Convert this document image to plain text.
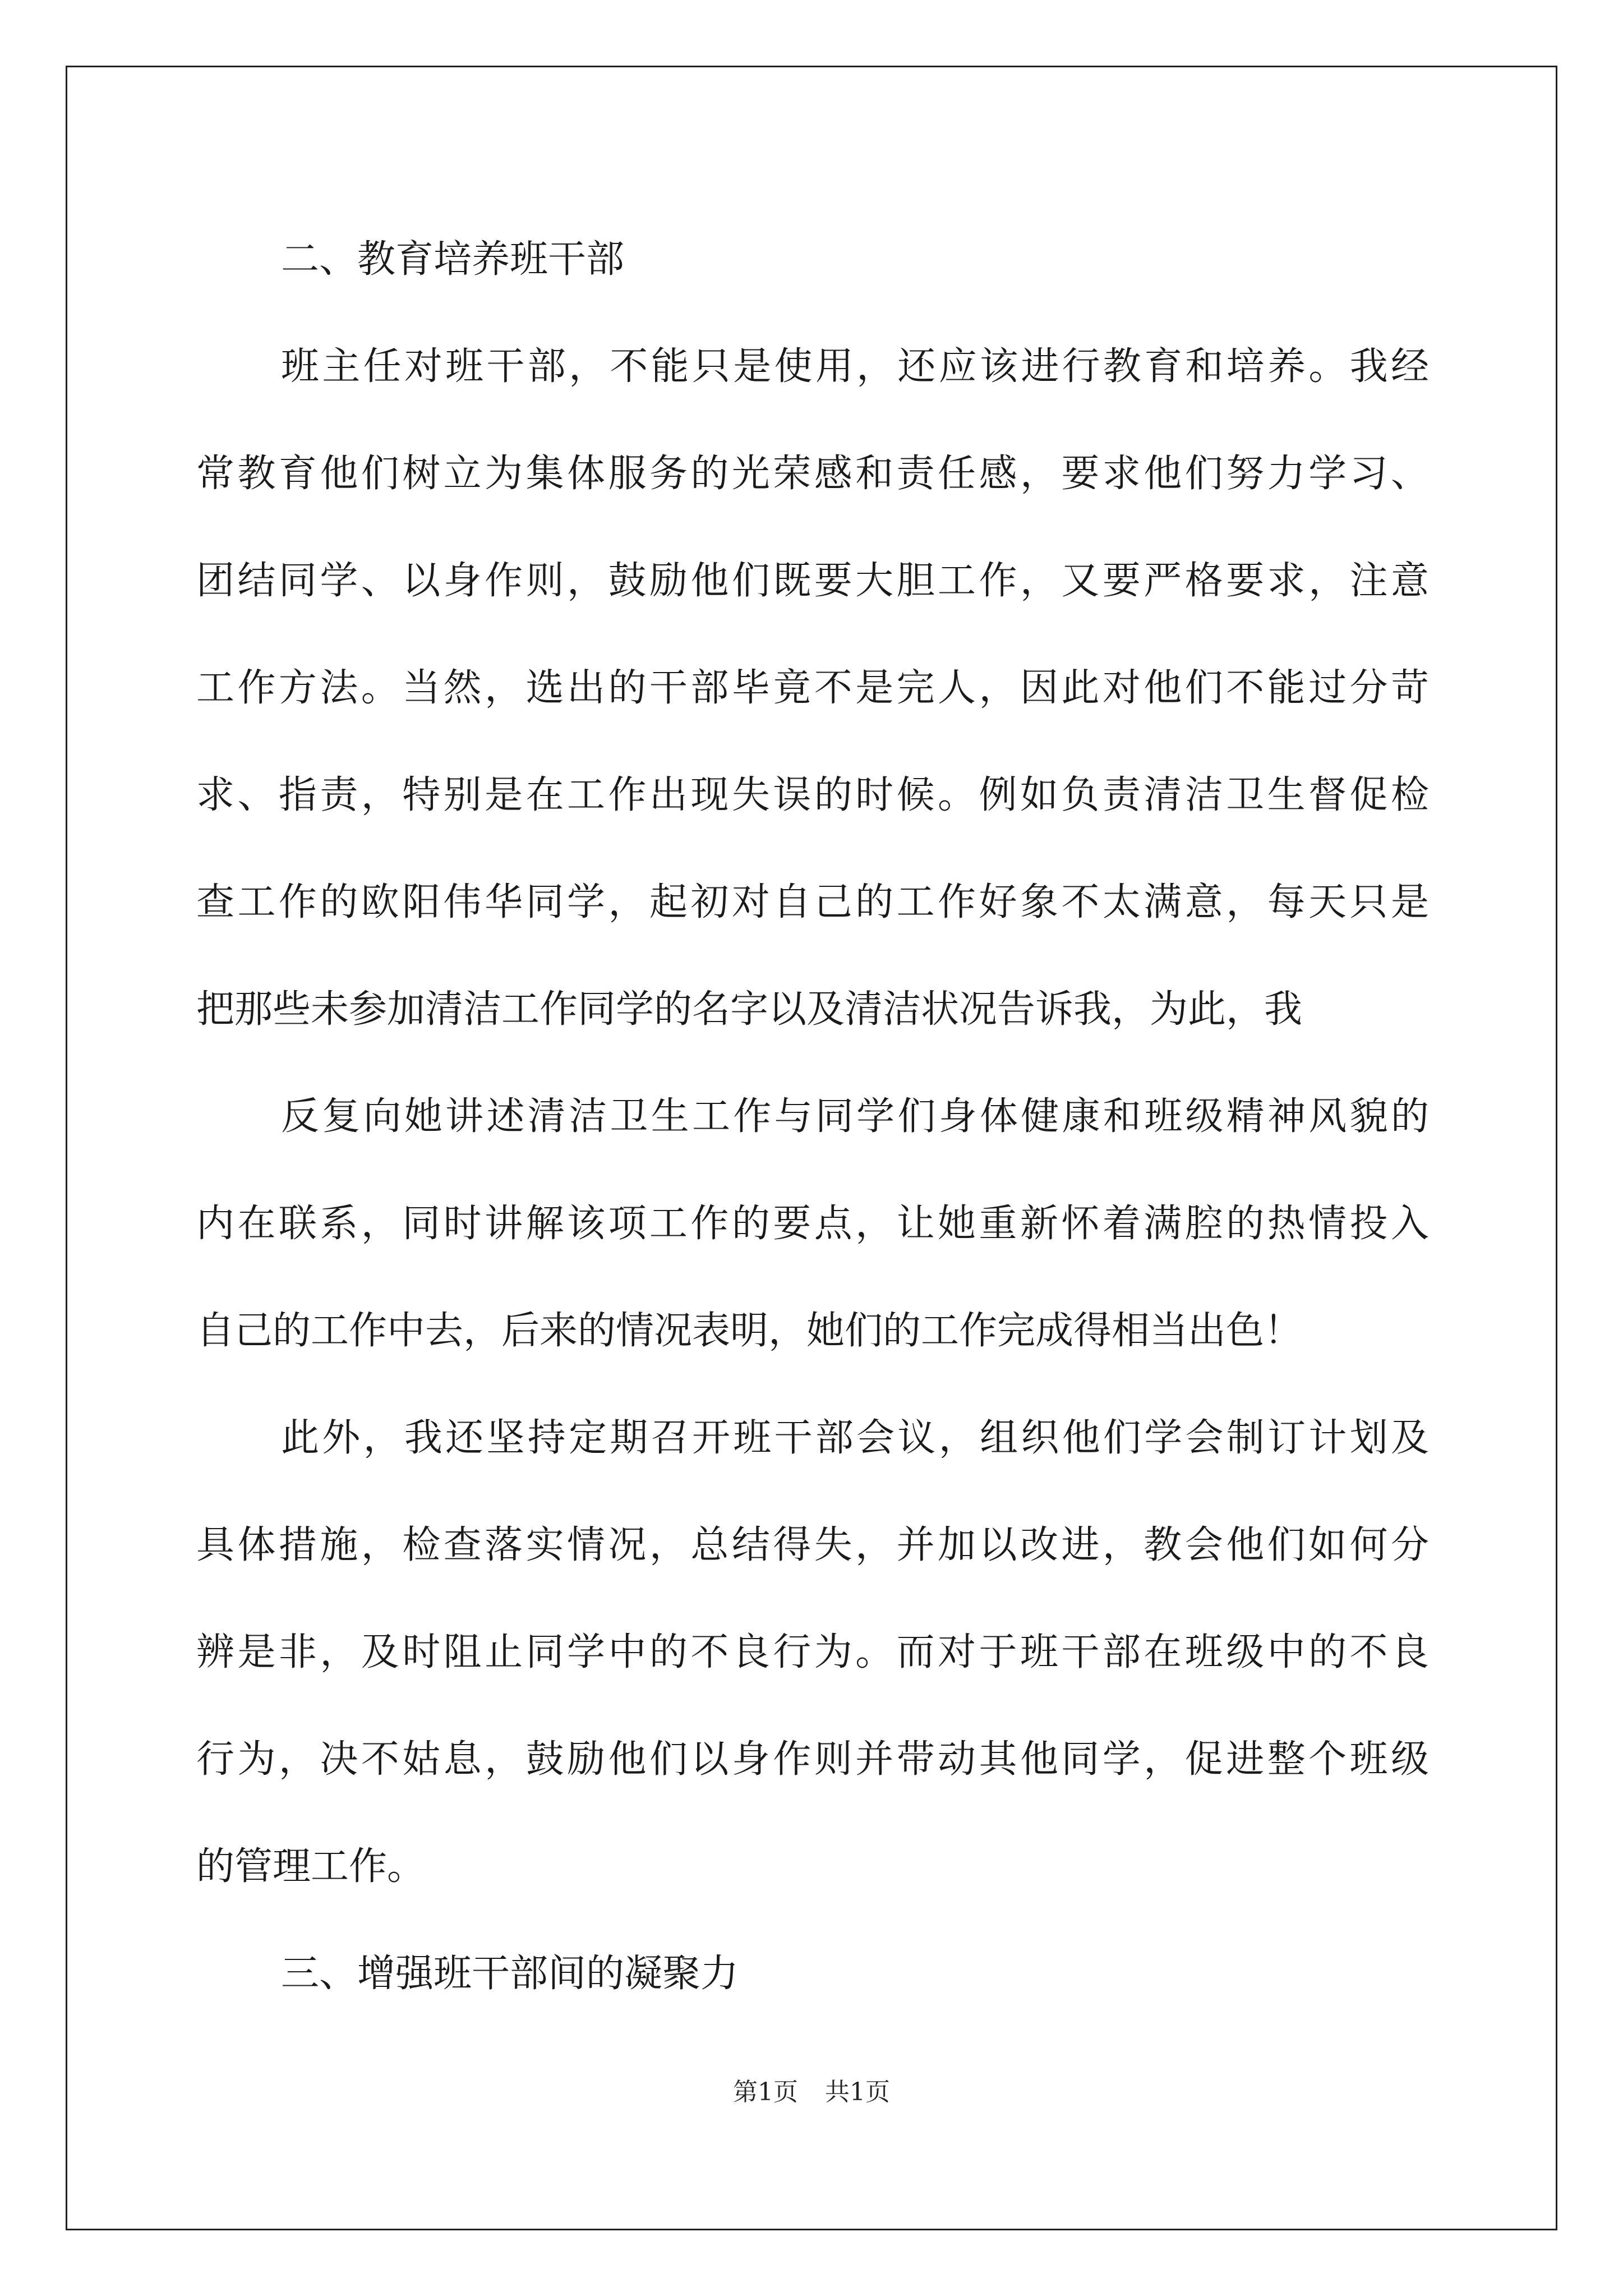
二、教育培养班干部
班主任对班干部，不能只是使用，还应该进行教育和培养。我经
常教育他们树立为集体服务的光荣感和责任感，要求他们努力学习、
团结同学、以身作则，鼓励他们既要大胆工作，又要严格要求，注意
工作方法。当然，选出的干部毕竟不是完人，因此对他们不能过分苛
求、指责，特别是在工作出现失误的时候。例如负责清洁卫生督促检
查工作的欧阳伟华同学，起初对自己的工作好象不太满意，每天只是
把那些未参加清洁工作同学的名字以及清洁状况告诉我，为此，我
反复向她讲述清洁卫生工作与同学们身体健康和班级精神风貌的
内在联系，同时讲解该项工作的要点，让她重新怀着满腔的热情投入
自己的工作中去，后来的情况表明，她们的工作完成得相当出色！
此外，我还坚持定期召开班干部会议，组织他们学会制订计划及
具体措施，检查落实情况，总结得失，并加以改进，教会他们如何分
辨是非，及时阻止同学中的不良行为。而对于班干部在班级中的不良
行为，决不姑息，鼓励他们以身作则并带动其他同学，促进整个班级
的管理工作。
三、增强班干部间的凝聚力
第1页 共1页
